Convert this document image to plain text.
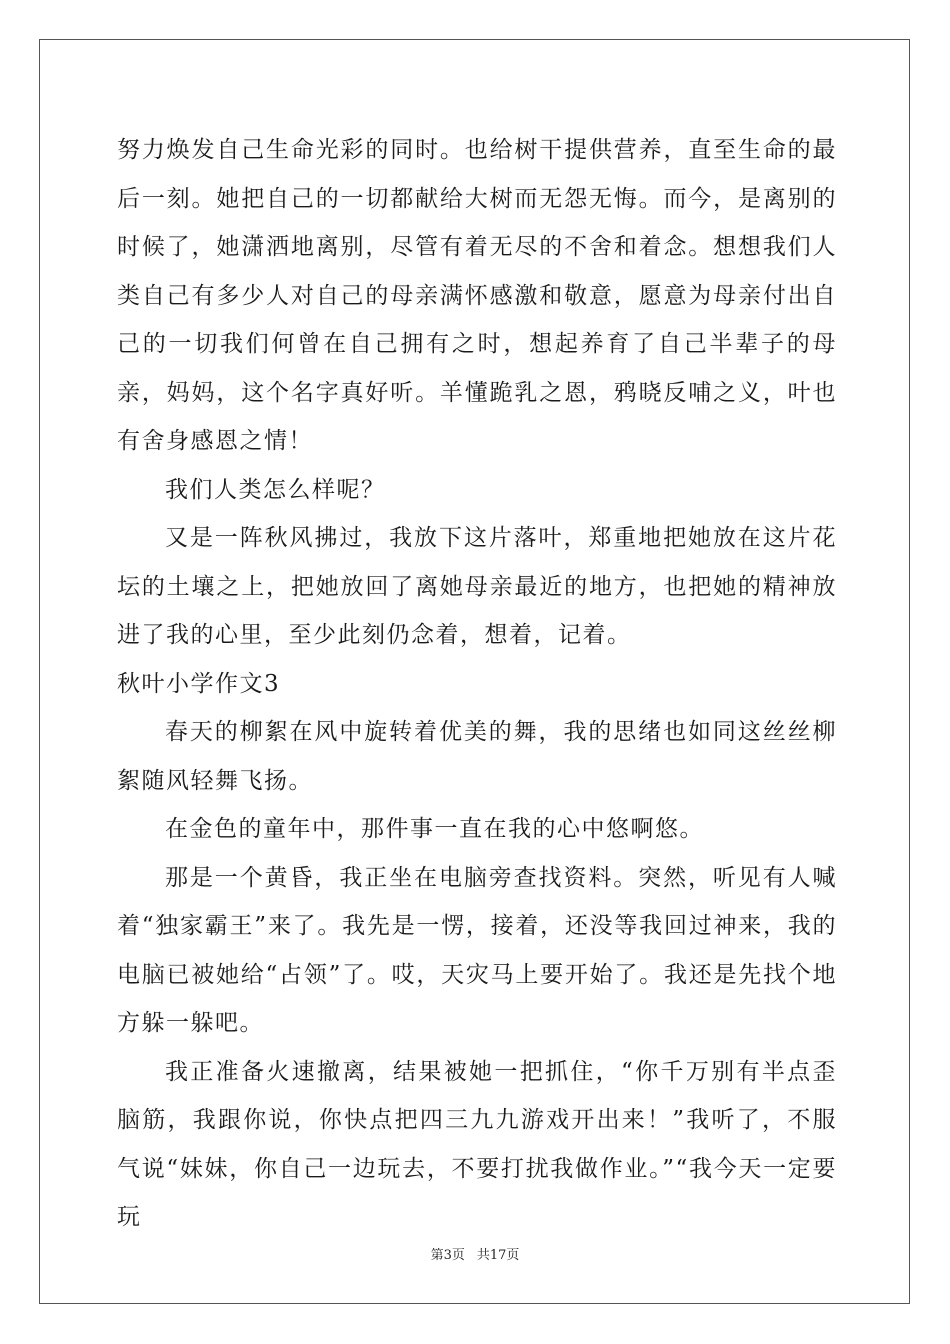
努力焕发自己生命光彩的同时。也给树干提供营养，直至生命的最后一刻。她把自己的一切都献给大树而无怨无悔。而今，是离别的时候了，她潇洒地离别，尽管有着无尽的不舍和着念。想想我们人类自己有多少人对自己的母亲满怀感激和敬意，愿意为母亲付出自己的一切我们何曾在自己拥有之时，想起养育了自己半辈子的母亲，妈妈，这个名字真好听。羊懂跪乳之恩，鸦晓反哺之义，叶也有舍身感恩之情！

我们人类怎么样呢？

又是一阵秋风拂过，我放下这片落叶，郑重地把她放在这片花坛的土壤之上，把她放回了离她母亲最近的地方，也把她的精神放进了我的心里，至少此刻仍念着，想着，记着。

秋叶小学作文3

春天的柳絮在风中旋转着优美的舞，我的思绪也如同这丝丝柳絮随风轻舞飞扬。

在金色的童年中，那件事一直在我的心中悠啊悠。

那是一个黄昏，我正坐在电脑旁查找资料。突然，听见有人喊着“独家霸王”来了。我先是一愣，接着，还没等我回过神来，我的电脑已被她给“占领”了。哎，天灾马上要开始了。我还是先找个地方躲一躲吧。

我正准备火速撤离，结果被她一把抓住，“你千万别有半点歪脑筋，我跟你说，你快点把四三九九游戏开出来！”我听了，不服气说“妹妹，你自己一边玩去，不要打扰我做作业。”“我今天一定要玩

第3页 共17页
